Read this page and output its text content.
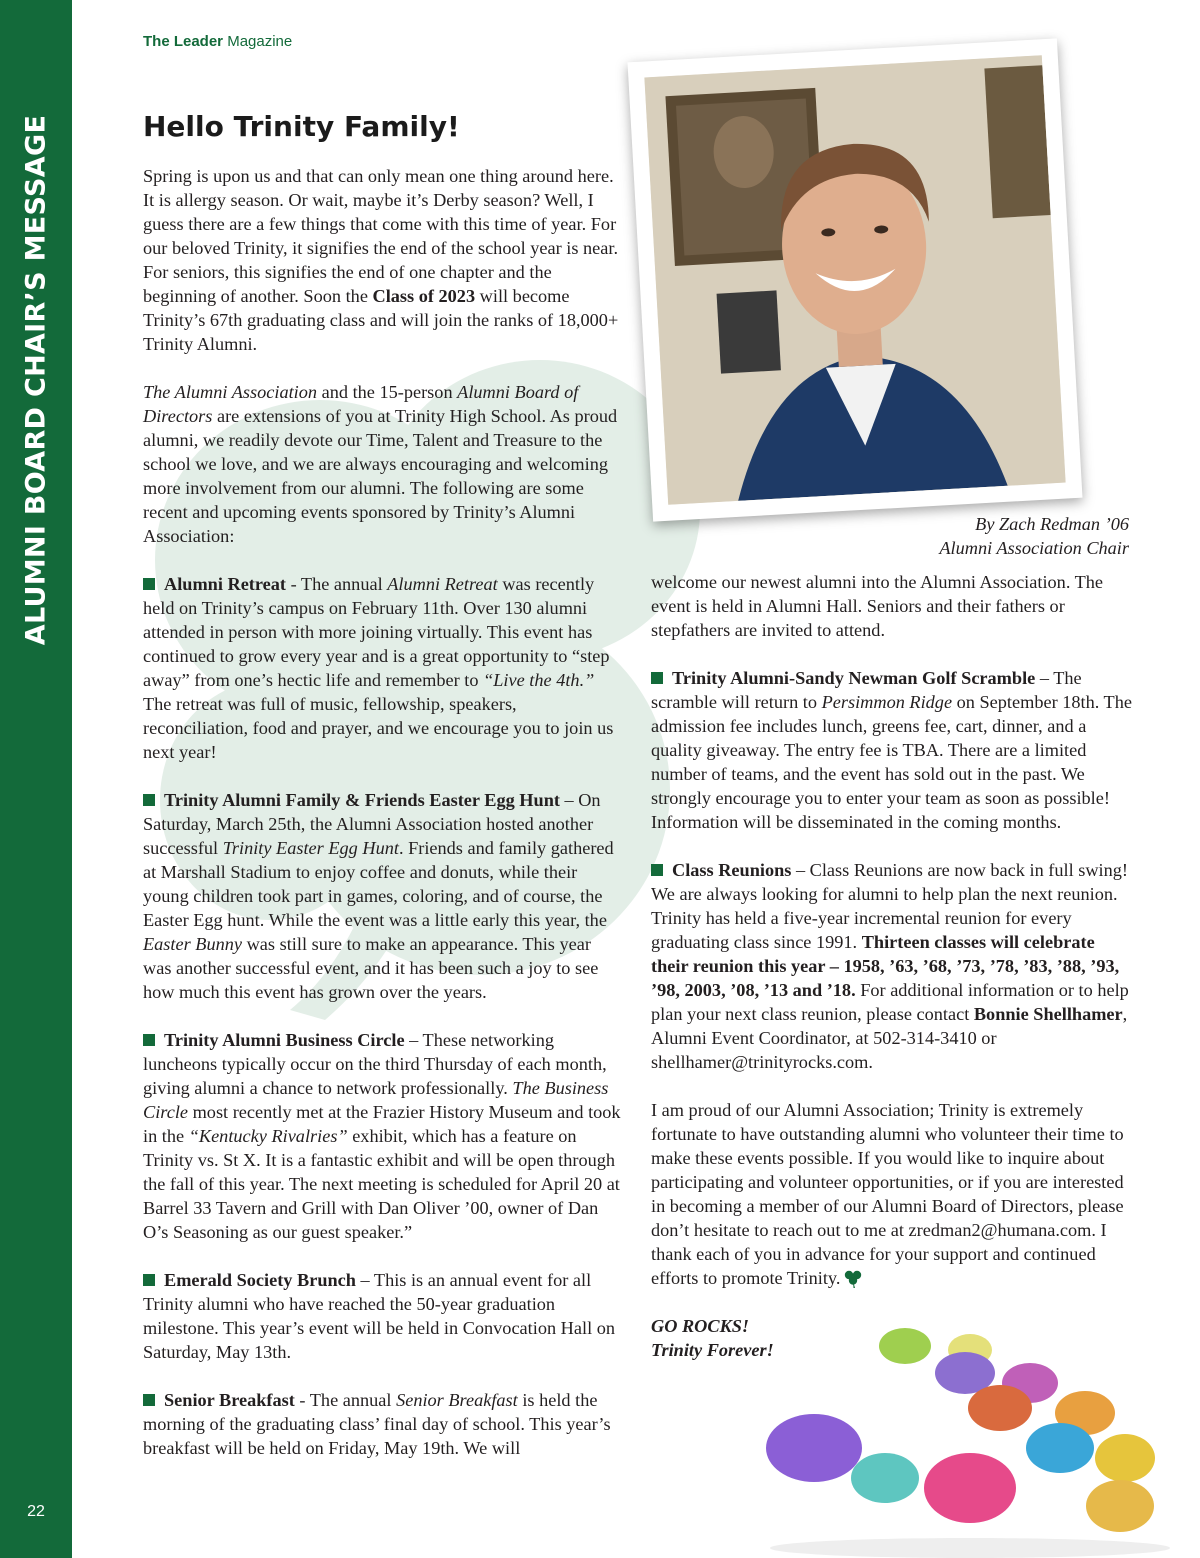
ALUMNI BOARD CHAIR’S MESSAGE
22
The Leader Magazine
Hello Trinity Family!

Spring is upon us and that can only mean one thing around here. It is allergy season. Or wait, maybe it’s Derby season? Well, I guess there are a few things that come with this time of year. For our beloved Trinity, it signifies the end of the school year is near. For seniors, this signifies the end of one chapter and the beginning of another. Soon the Class of 2023 will become Trinity’s 67th graduating class and will join the ranks of 18,000+ Trinity Alumni.

The Alumni Association and the 15-person Alumni Board of Directors are extensions of you at Trinity High School. As proud alumni, we readily devote our Time, Talent and Treasure to the school we love, and we are always encouraging and welcoming more involvement from our alumni. The following are some recent and upcoming events sponsored by Trinity’s Alumni Association:

Alumni Retreat - The annual Alumni Retreat was recently held on Trinity’s campus on February 11th. Over 130 alumni attended in person with more joining virtually. This event has continued to grow every year and is a great opportunity to “step away” from one’s hectic life and remember to “Live the 4th.” The retreat was full of music, fellowship, speakers, reconciliation, food and prayer, and we encourage you to join us next year!

Trinity Alumni Family & Friends Easter Egg Hunt – On Saturday, March 25th, the Alumni Association hosted another successful Trinity Easter Egg Hunt. Friends and family gathered at Marshall Stadium to enjoy coffee and donuts, while their young children took part in games, coloring, and of course, the Easter Egg hunt. While the event was a little early this year, the Easter Bunny was still sure to make an appearance. This year was another successful event, and it has been such a joy to see how much this event has grown over the years.

Trinity Alumni Business Circle – These networking luncheons typically occur on the third Thursday of each month, giving alumni a chance to network professionally. The Business Circle most recently met at the Frazier History Museum and took in the “Kentucky Rivalries” exhibit, which has a feature on Trinity vs. St X. It is a fantastic exhibit and will be open through the fall of this year. The next meeting is scheduled for April 20 at Barrel 33 Tavern and Grill with Dan Oliver ’00, owner of Dan O’s Seasoning as our guest speaker.”

Emerald Society Brunch – This is an annual event for all Trinity alumni who have reached the 50-year graduation milestone. This year’s event will be held in Convocation Hall on Saturday, May 13th.

Senior Breakfast - The annual Senior Breakfast is held the morning of the graduating class’ final day of school. This year’s breakfast will be held on Friday, May 19th. We will

By Zach Redman ’06
Alumni Association Chair

welcome our newest alumni into the Alumni Association. The event is held in Alumni Hall. Seniors and their fathers or stepfathers are invited to attend.

Trinity Alumni-Sandy Newman Golf Scramble – The scramble will return to Persimmon Ridge on September 18th. The admission fee includes lunch, greens fee, cart, dinner, and a quality giveaway. The entry fee is TBA. There are a limited number of teams, and the event has sold out in the past. We strongly encourage you to enter your team as soon as possible! Information will be disseminated in the coming months.

Class Reunions – Class Reunions are now back in full swing! We are always looking for alumni to help plan the next reunion. Trinity has held a five-year incremental reunion for every graduating class since 1991. Thirteen classes will celebrate their reunion this year – 1958, ’63, ’68, ’73, ’78, ’83, ’88, ’93, ’98, 2003, ’08, ’13 and ’18. For additional information or to help plan your next class reunion, please contact Bonnie Shellhamer, Alumni Event Coordinator, at 502-314-3410 or shellhamer@trinityrocks.com.

I am proud of our Alumni Association; Trinity is extremely fortunate to have outstanding alumni who volunteer their time to make these events possible. If you would like to inquire about participating and volunteer opportunities, or if you are interested in becoming a member of our Alumni Board of Directors, please don’t hesitate to reach out to me at zredman2@humana.com. I thank each of you in advance for your support and continued efforts to promote Trinity.

GO ROCKS!
Trinity Forever!
